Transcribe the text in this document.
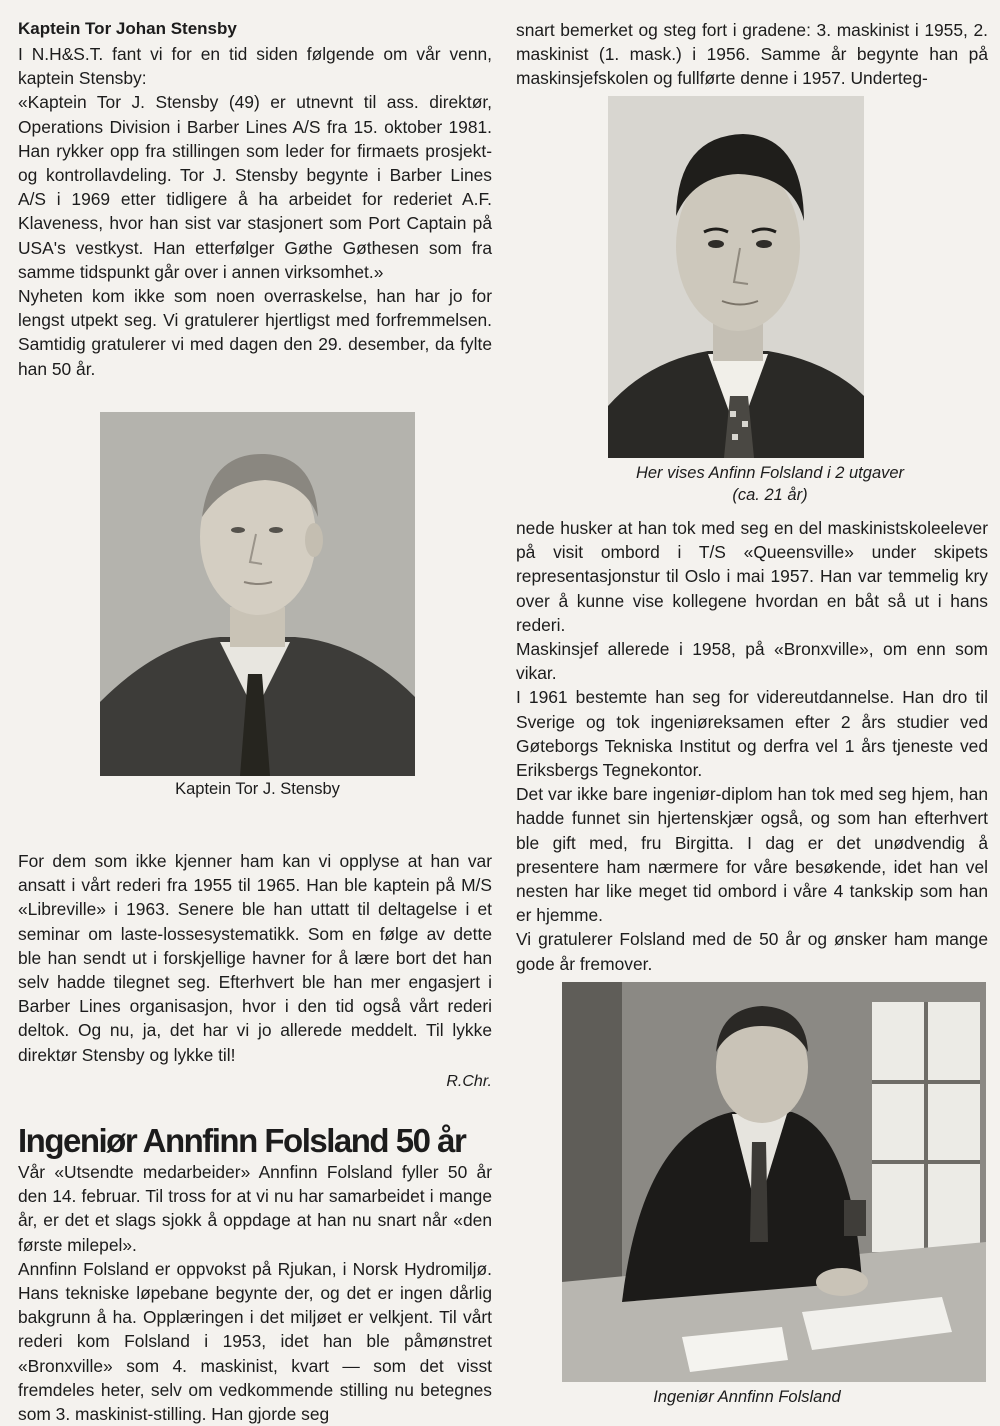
Kaptein Tor Johan Stensby

I N.H&S.T. fant vi for en tid siden følgende om vår venn, kaptein Stensby:

«Kaptein Tor J. Stensby (49) er utnevnt til ass. direktør, Operations Division i Barber Lines A/S fra 15. oktober 1981. Han rykker opp fra stillingen som leder for firmaets prosjekt- og kontrollavdeling. Tor J. Stensby begynte i Barber Lines A/S i 1969 etter tidligere å ha arbeidet for rederiet A.F. Klaveness, hvor han sist var stasjonert som Port Captain på USA's vestkyst. Han etterfølger Gøthe Gøthesen som fra samme tidspunkt går over i annen virksomhet.»

Nyheten kom ikke som noen overraskelse, han har jo for lengst utpekt seg. Vi gratulerer hjertligst med forfremmelsen. Samtidig gratulerer vi med dagen den 29. desember, da fylte han 50 år.

Kaptein Tor J. Stensby

For dem som ikke kjenner ham kan vi opplyse at han var ansatt i vårt rederi fra 1955 til 1965. Han ble kaptein på M/S «Libreville» i 1963. Senere ble han uttatt til deltagelse i et seminar om laste-lossesystematikk. Som en følge av dette ble han sendt ut i forskjellige havner for å lære bort det han selv hadde tilegnet seg. Efterhvert ble han mer engasjert i Barber Lines organisasjon, hvor i den tid også vårt rederi deltok. Og nu, ja, det har vi jo allerede meddelt. Til lykke direktør Stensby og lykke til!

R.Chr.
Ingeniør Annfinn Folsland 50 år

Vår «Utsendte medarbeider» Annfinn Folsland fyller 50 år den 14. februar. Til tross for at vi nu har samarbeidet i mange år, er det et slags sjokk å oppdage at han nu snart når «den første milepel».

Annfinn Folsland er oppvokst på Rjukan, i Norsk Hydromiljø. Hans tekniske løpebane begynte der, og det er ingen dårlig bakgrunn å ha. Opplæringen i det miljøet er velkjent. Til vårt rederi kom Folsland i 1953, idet han ble påmønstret «Bronxville» som 4. maskinist, kvart — som det visst fremdeles heter, selv om vedkommende stilling nu betegnes som 3. maskinist-stilling. Han gjorde seg

snart bemerket og steg fort i gradene: 3. maskinist i 1955, 2. maskinist (1. mask.) i 1956. Samme år begynte han på maskinsjefskolen og fullførte denne i 1957. Underteg-

Her vises Anfinn Folsland i 2 utgaver
(ca. 21 år)

nede husker at han tok med seg en del maskinistskoleelever på visit ombord i T/S «Queensville» under skipets representasjonstur til Oslo i mai 1957. Han var temmelig kry over å kunne vise kollegene hvordan en båt så ut i hans rederi.

Maskinsjef allerede i 1958, på «Bronxville», om enn som vikar.

I 1961 bestemte han seg for videreutdannelse. Han dro til Sverige og tok ingeniøreksamen efter 2 års studier ved Gøteborgs Tekniska Institut og derfra vel 1 års tjeneste ved Eriksbergs Tegnekontor.

Det var ikke bare ingeniør-diplom han tok med seg hjem, han hadde funnet sin hjertenskjær også, og som han efterhvert ble gift med, fru Birgitta. I dag er det unødvendig å presentere ham nærmere for våre besøkende, idet han vel nesten har like meget tid ombord i våre 4 tankskip som han er hjemme.

Vi gratulerer Folsland med de 50 år og ønsker ham mange gode år fremover.

Ingeniør Annfinn Folsland
